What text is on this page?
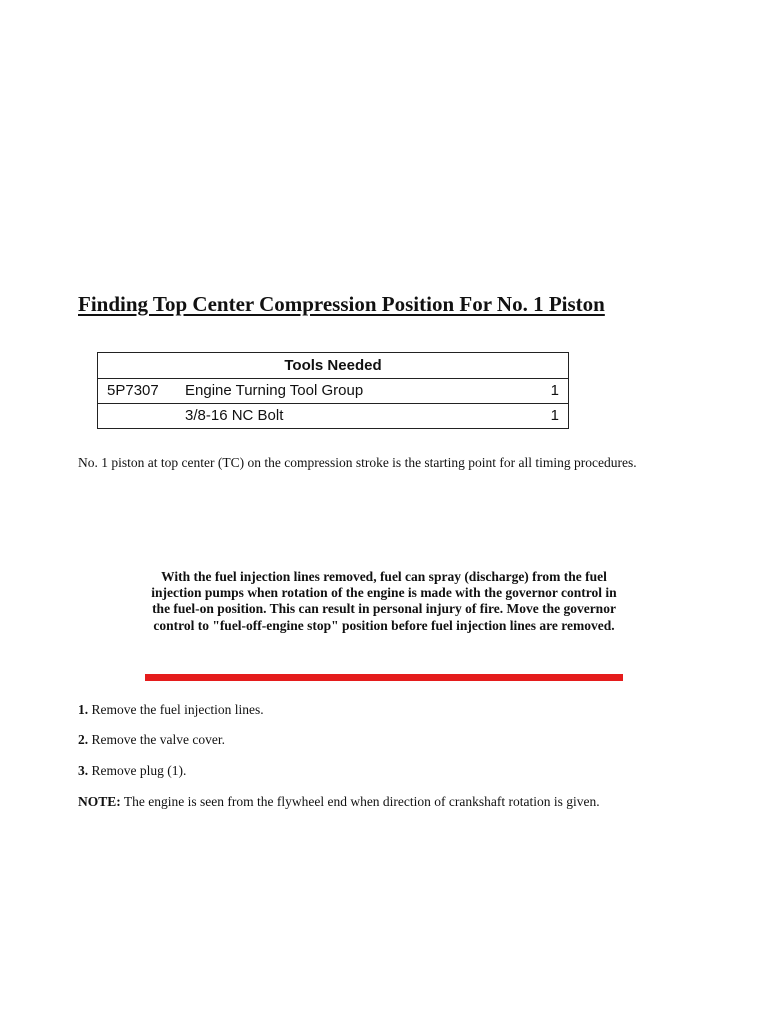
Finding Top Center Compression Position For No. 1 Piston
Tools Needed		
5P7307	Engine Turning Tool Group	1
	3/8-16 NC Bolt	1

No. 1 piston at top center (TC) on the compression stroke is the starting point for all timing procedures.

With the fuel injection lines removed, fuel can spray (discharge) from the fuel injection pumps when rotation of the engine is made with the governor control in the fuel-on position. This can result in personal injury of fire. Move the governor control to "fuel-off-engine stop" position before fuel injection lines are removed.

1. Remove the fuel injection lines.

2. Remove the valve cover.

3. Remove plug (1).

NOTE: The engine is seen from the flywheel end when direction of crankshaft rotation is given.
